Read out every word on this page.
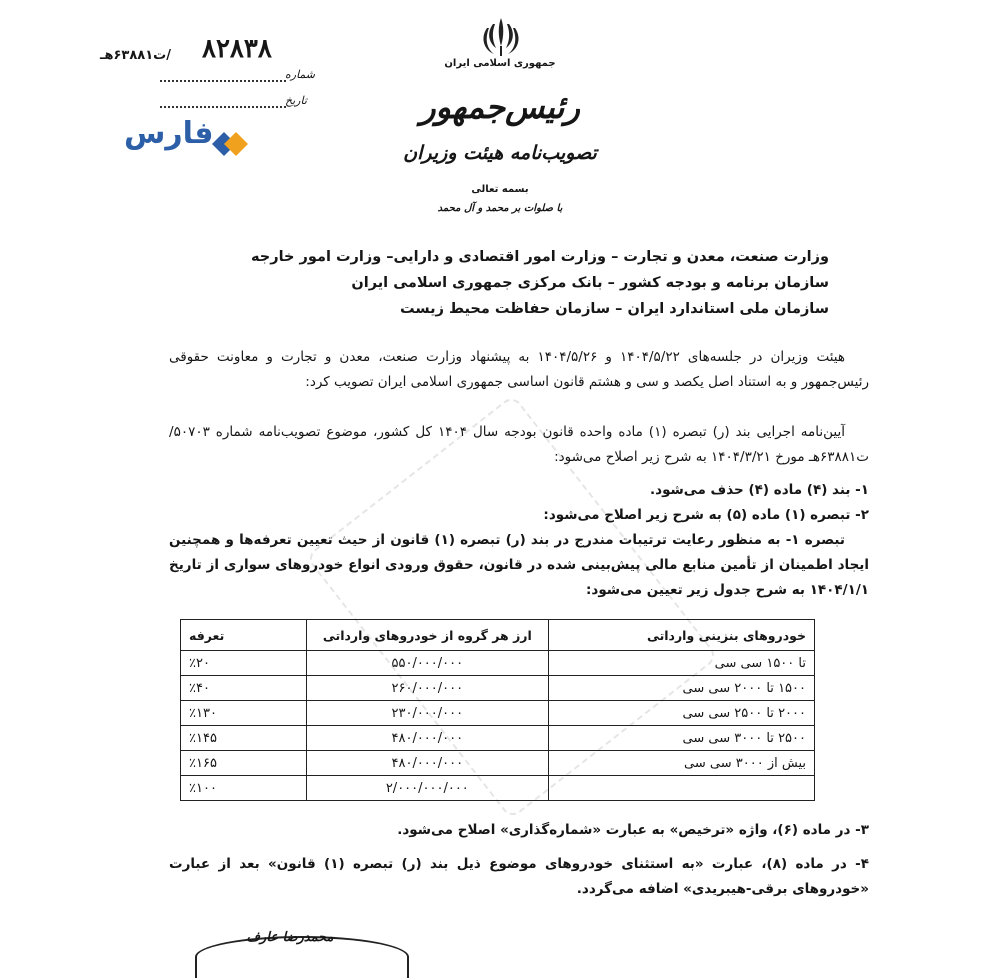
۸۲۸۳۸
/ت۶۳۸۸۱هـ
شماره
تاریخ
فارس
جمهوری اسلامی ایران
رئیس‌جمهور
تصویب‌نامه هیئت وزیران
بسمه تعالی
با صلوات بر محمد و آل محمد
وزارت صنعت، معدن و تجارت – وزارت امور اقتصادی و دارایی– وزارت امور خارجه
سازمان برنامه و بودجه کشور – بانک مرکزی جمهوری اسلامی ایران
سازمان ملی استاندارد ایران – سازمان حفاظت محیط زیست
هیئت وزیران در جلسه‌های ۱۴۰۴/۵/۲۲ و ۱۴۰۴/۵/۲۶ به پیشنهاد وزارت صنعت، معدن و تجارت و معاونت حقوقی رئیس‌جمهور و به استناد اصل یکصد و سی و هشتم قانون اساسی جمهوری اسلامی ایران تصویب کرد:
آیین‌نامه اجرایی بند (ر) تبصره (۱) ماده واحده قانون بودجه سال ۱۴۰۴ کل کشور، موضوع تصویب‌نامه شماره ۵۰۷۰۳/ت۶۳۸۸۱هـ مورخ ۱۴۰۴/۳/۲۱ به شرح زیر اصلاح می‌شود:
۱- بند (۴) ماده (۴) حذف می‌شود.
۲- تبصره (۱) ماده (۵) به شرح زیر اصلاح می‌شود:
تبصره ۱- به منظور رعایت ترتیبات مندرج در بند (ر) تبصره (۱) قانون از حیث تعیین تعرفه‌ها و همچنین ایجاد اطمینان از تأمین منابع مالی پیش‌بینی شده در قانون، حقوق ورودی انواع خودروهای سواری از تاریخ ۱۴۰۴/۱/۱ به شرح جدول زیر تعیین می‌شود:
خودروهای بنزینی وارداتی	ارز هر گروه از خودروهای وارداتی	تعرفه
تا ۱۵۰۰ سی سی	۵۵۰/۰۰۰/۰۰۰	٪۲۰
۱۵۰۰ تا ۲۰۰۰ سی سی	۲۶۰/۰۰۰/۰۰۰	٪۴۰
۲۰۰۰ تا ۲۵۰۰ سی سی	۲۳۰/۰۰۰/۰۰۰	٪۱۳۰
۲۵۰۰ تا ۳۰۰۰ سی سی	۴۸۰/۰۰۰/۰۰۰	٪۱۴۵
بیش از ۳۰۰۰ سی سی	۴۸۰/۰۰۰/۰۰۰	٪۱۶۵
	۲/۰۰۰/۰۰۰/۰۰۰	٪۱۰۰
۳- در ماده (۶)، واژه «ترخیص» به عبارت «شماره‌گذاری» اصلاح می‌شود.
۴- در ماده (۸)، عبارت «به استثنای خودروهای موضوع ذیل بند (ر) تبصره (۱) قانون» بعد از عبارت «خودروهای برقی-هیبریدی» اضافه می‌گردد.
محمدرضا عارف
